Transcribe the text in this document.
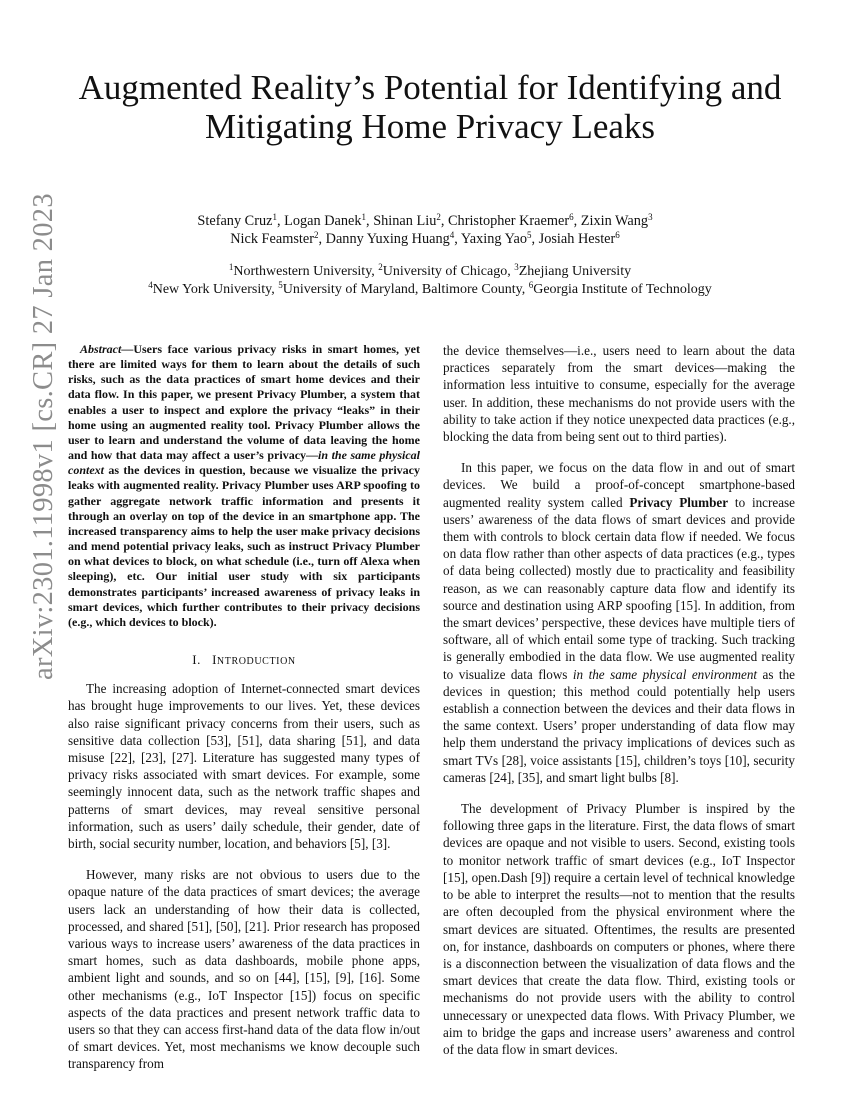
arXiv:2301.11998v1 [cs.CR] 27 Jan 2023
Augmented Reality’s Potential for Identifying and
Mitigating Home Privacy Leaks
Stefany Cruz$^1$, Logan Danek$^1$, Shinan Liu$^2$, Christopher Kraemer$^6$, Zixin Wang$^3$
Nick Feamster$^2$, Danny Yuxing Huang$^4$, Yaxing Yao$^5$, Josiah Hester$^6$
$^1$Northwestern University, $^2$University of Chicago, $^3$Zhejiang University
$^4$New York University, $^5$University of Maryland, Baltimore County, $^6$Georgia Institute of Technology

Abstract—Users face various privacy risks in smart homes, yet there are limited ways for them to learn about the details of such risks, such as the data practices of smart home devices and their data flow. In this paper, we present Privacy Plumber, a system that enables a user to inspect and explore the privacy “leaks” in their home using an augmented reality tool. Privacy Plumber allows the user to learn and understand the volume of data leaving the home and how that data may affect a user’s privacy—in the same physical context as the devices in question, because we visualize the privacy leaks with augmented reality. Privacy Plumber uses ARP spoofing to gather aggregate network traffic information and presents it through an overlay on top of the device in an smartphone app. The increased transparency aims to help the user make privacy decisions and mend potential privacy leaks, such as instruct Privacy Plumber on what devices to block, on what schedule (i.e., turn off Alexa when sleeping), etc. Our initial user study with six participants demonstrates participants’ increased awareness of privacy leaks in smart devices, which further contributes to their privacy decisions (e.g., which devices to block).

I. INTRODUCTION

The increasing adoption of Internet-connected smart devices has brought huge improvements to our lives. Yet, these devices also raise significant privacy concerns from their users, such as sensitive data collection [53], [51], data sharing [51], and data misuse [22], [23], [27]. Literature has suggested many types of privacy risks associated with smart devices. For example, some seemingly innocent data, such as the network traffic shapes and patterns of smart devices, may reveal sensitive personal information, such as users’ daily schedule, their gender, date of birth, social security number, location, and behaviors [5], [3].

However, many risks are not obvious to users due to the opaque nature of the data practices of smart devices; the average users lack an understanding of how their data is collected, processed, and shared [51], [50], [21]. Prior research has proposed various ways to increase users’ awareness of the data practices in smart homes, such as data dashboards, mobile phone apps, ambient light and sounds, and so on [44], [15], [9], [16]. Some other mechanisms (e.g., IoT Inspector [15]) focus on specific aspects of the data practices and present network traffic data to users so that they can access first-hand data of the data flow in/out of smart devices. Yet, most mechanisms we know decouple such transparency from

the device themselves—i.e., users need to learn about the data practices separately from the smart devices—making the information less intuitive to consume, especially for the average user. In addition, these mechanisms do not provide users with the ability to take action if they notice unexpected data practices (e.g., blocking the data from being sent out to third parties).

In this paper, we focus on the data flow in and out of smart devices. We build a proof-of-concept smartphone-based augmented reality system called Privacy Plumber to increase users’ awareness of the data flows of smart devices and provide them with controls to block certain data flow if needed. We focus on data flow rather than other aspects of data practices (e.g., types of data being collected) mostly due to practicality and feasibility reason, as we can reasonably capture data flow and identify its source and destination using ARP spoofing [15]. In addition, from the smart devices’ perspective, these devices have multiple tiers of software, all of which entail some type of tracking. Such tracking is generally embodied in the data flow. We use augmented reality to visualize data flows in the same physical environment as the devices in question; this method could potentially help users establish a connection between the devices and their data flows in the same context. Users’ proper understanding of data flow may help them understand the privacy implications of devices such as smart TVs [28], voice assistants [15], children’s toys [10], security cameras [24], [35], and smart light bulbs [8].

The development of Privacy Plumber is inspired by the following three gaps in the literature. First, the data flows of smart devices are opaque and not visible to users. Second, existing tools to monitor network traffic of smart devices (e.g., IoT Inspector [15], open.Dash [9]) require a certain level of technical knowledge to be able to interpret the results—not to mention that the results are often decoupled from the physical environment where the smart devices are situated. Oftentimes, the results are presented on, for instance, dashboards on computers or phones, where there is a disconnection between the visualization of data flows and the smart devices that create the data flow. Third, existing tools or mechanisms do not provide users with the ability to control unnecessary or unexpected data flows. With Privacy Plumber, we aim to bridge the gaps and increase users’ awareness and control of the data flow in smart devices.
